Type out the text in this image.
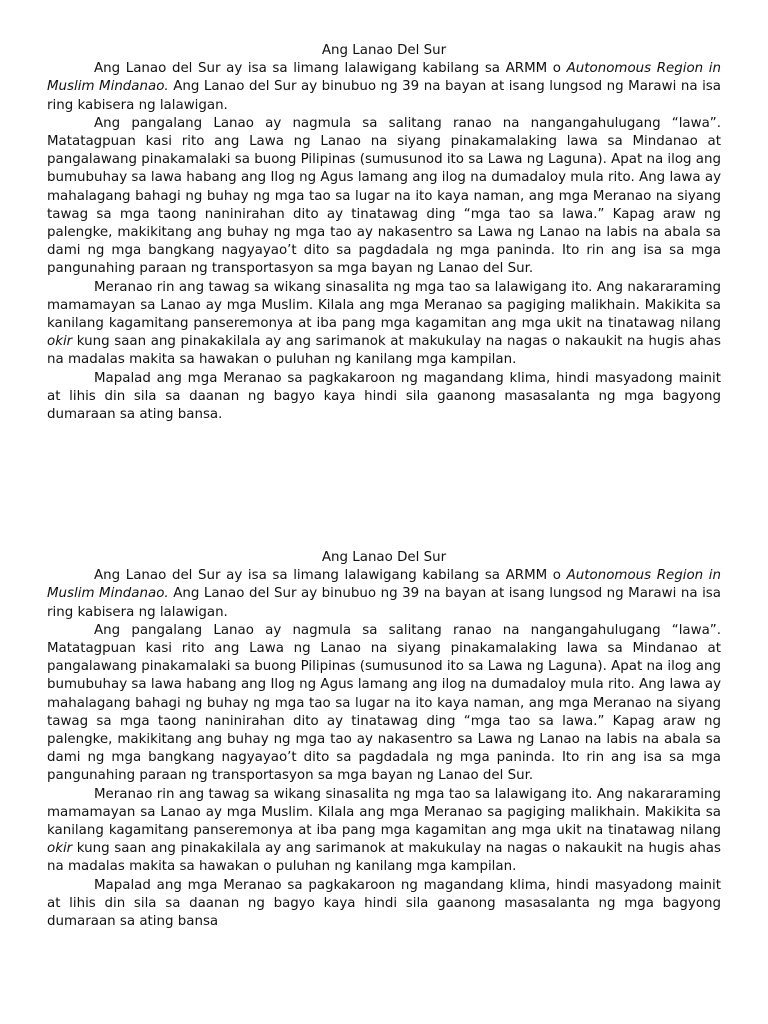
Ang Lanao Del Sur

Ang Lanao del Sur ay isa sa limang lalawigang kabilang sa ARMM o Autonomous Region in Muslim Mindanao. Ang Lanao del Sur ay binubuo ng 39 na bayan at isang lungsod ng Marawi na isa ring kabisera ng lalawigan.

Ang pangalang Lanao ay nagmula sa salitang ranao na nangangahulugang “lawa”. Matatagpuan kasi rito ang Lawa ng Lanao na siyang pinakamalaking lawa sa Mindanao at pangalawang pinakamalaki sa buong Pilipinas (sumusunod ito sa Lawa ng Laguna). Apat na ilog ang bumubuhay sa lawa habang ang Ilog ng Agus lamang ang ilog na dumadaloy mula rito. Ang lawa ay mahalagang bahagi ng buhay ng mga tao sa lugar na ito kaya naman, ang mga Meranao na siyang tawag sa mga taong naninirahan dito ay tinatawag ding “mga tao sa lawa.” Kapag araw ng palengke, makikitang ang buhay ng mga tao ay nakasentro sa Lawa ng Lanao na labis na abala sa dami ng mga bangkang nagyayao’t dito sa pagdadala ng mga paninda. Ito rin ang isa sa mga pangunahing paraan ng transportasyon sa mga bayan ng Lanao del Sur.

Meranao rin ang tawag sa wikang sinasalita ng mga tao sa lalawigang ito. Ang nakararaming mamamayan sa Lanao ay mga Muslim. Kilala ang mga Meranao sa pagiging malikhain. Makikita sa kanilang kagamitang panseremonya at iba pang mga kagamitan ang mga ukit na tinatawag nilang okir kung saan ang pinakakilala ay ang sarimanok at makukulay na nagas o nakaukit na hugis ahas na madalas makita sa hawakan o puluhan ng kanilang mga kampilan.

Mapalad ang mga Meranao sa pagkakaroon ng magandang klima, hindi masyadong mainit at lihis din sila sa daanan ng bagyo kaya hindi sila gaanong masasalanta ng mga bagyong dumaraan sa ating bansa.

Ang Lanao Del Sur

Ang Lanao del Sur ay isa sa limang lalawigang kabilang sa ARMM o Autonomous Region in Muslim Mindanao. Ang Lanao del Sur ay binubuo ng 39 na bayan at isang lungsod ng Marawi na isa ring kabisera ng lalawigan.

Ang pangalang Lanao ay nagmula sa salitang ranao na nangangahulugang “lawa”. Matatagpuan kasi rito ang Lawa ng Lanao na siyang pinakamalaking lawa sa Mindanao at pangalawang pinakamalaki sa buong Pilipinas (sumusunod ito sa Lawa ng Laguna). Apat na ilog ang bumubuhay sa lawa habang ang Ilog ng Agus lamang ang ilog na dumadaloy mula rito. Ang lawa ay mahalagang bahagi ng buhay ng mga tao sa lugar na ito kaya naman, ang mga Meranao na siyang tawag sa mga taong naninirahan dito ay tinatawag ding “mga tao sa lawa.” Kapag araw ng palengke, makikitang ang buhay ng mga tao ay nakasentro sa Lawa ng Lanao na labis na abala sa dami ng mga bangkang nagyayao’t dito sa pagdadala ng mga paninda. Ito rin ang isa sa mga pangunahing paraan ng transportasyon sa mga bayan ng Lanao del Sur.

Meranao rin ang tawag sa wikang sinasalita ng mga tao sa lalawigang ito. Ang nakararaming mamamayan sa Lanao ay mga Muslim. Kilala ang mga Meranao sa pagiging malikhain. Makikita sa kanilang kagamitang panseremonya at iba pang mga kagamitan ang mga ukit na tinatawag nilang okir kung saan ang pinakakilala ay ang sarimanok at makukulay na nagas o nakaukit na hugis ahas na madalas makita sa hawakan o puluhan ng kanilang mga kampilan.

Mapalad ang mga Meranao sa pagkakaroon ng magandang klima, hindi masyadong mainit at lihis din sila sa daanan ng bagyo kaya hindi sila gaanong masasalanta ng mga bagyong dumaraan sa ating bansa
